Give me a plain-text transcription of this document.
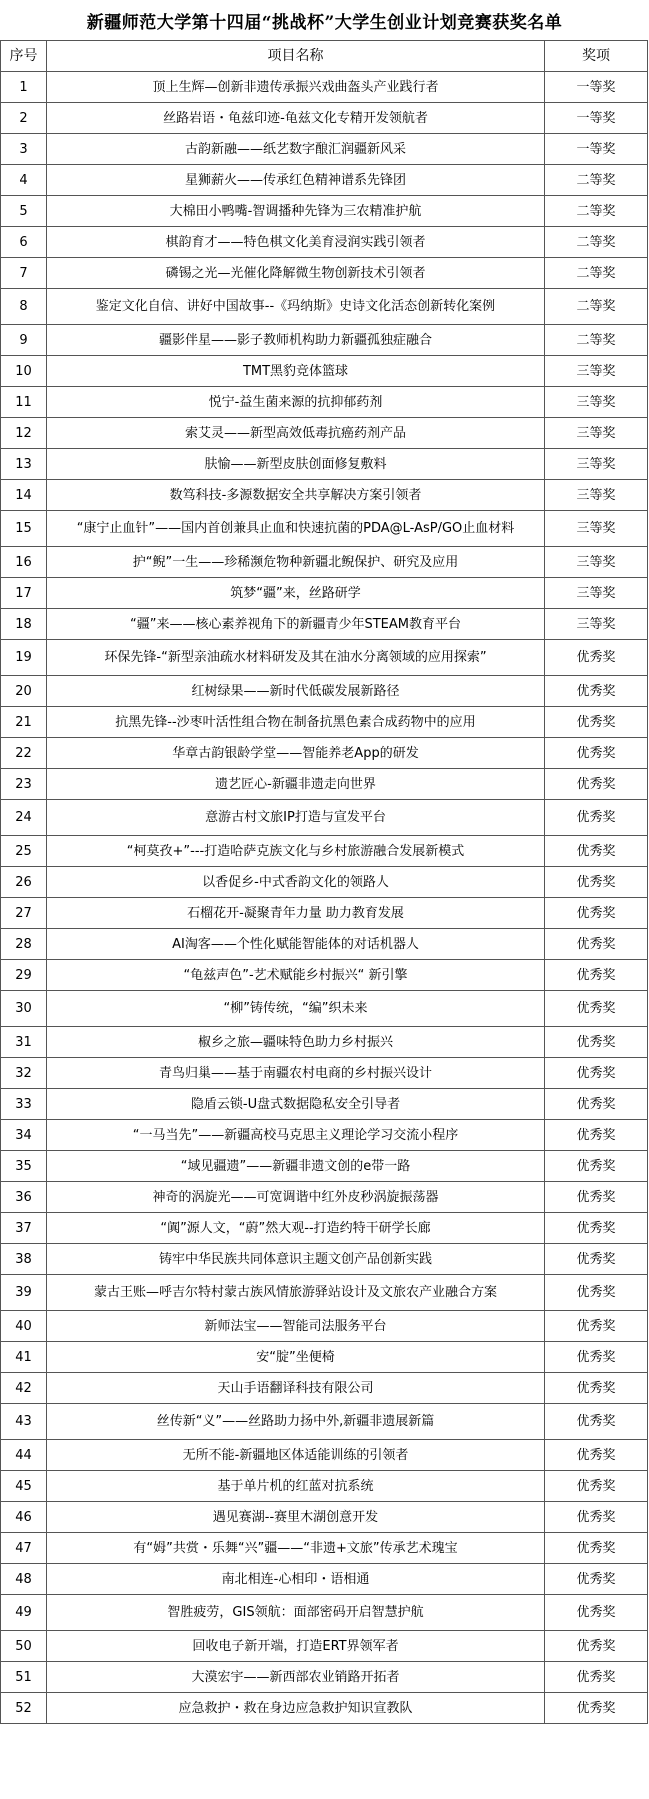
新疆师范大学第十四届“挑战杯”大学生创业计划竞赛获奖名单
序号	项目名称	奖项
1	顶上生辉—创新非遗传承振兴戏曲盔头产业践行者	一等奖
2	丝路岩语・龟兹印迹-龟兹文化专精开发领航者	一等奖
3	古韵新融——纸艺数字酿汇润疆新风采	一等奖
4	星狮薪火——传承红色精神谱系先锋团	二等奖
5	大棉田小鸭嘴-智调播种先锋为三农精准护航	二等奖
6	棋韵育才——特色棋文化美育浸润实践引领者	二等奖
7	磷锡之光—光催化降解微生物创新技术引领者	二等奖
8	鉴定文化自信、讲好中国故事--《玛纳斯》史诗文化活态创新转化案例	二等奖
9	疆影伴星——影子教师机构助力新疆孤独症融合	二等奖
10	TMT黑豹竞体篮球	三等奖
11	悦宁-益生菌来源的抗抑郁药剂	三等奖
12	索艾灵——新型高效低毒抗癌药剂产品	三等奖
13	肤愉——新型皮肤创面修复敷料	三等奖
14	数笃科技-多源数据安全共享解决方案引领者	三等奖
15	“康宁止血针”——国内首创兼具止血和快速抗菌的PDA@L-AsP/GO止血材料	三等奖
16	护“鲵”一生——珍稀濒危物种新疆北鲵保护、研究及应用	三等奖
17	筑梦“疆”来，丝路研学	三等奖
18	“疆”来——核心素养视角下的新疆青少年STEAM教育平台	三等奖
19	环保先锋-“新型亲油疏水材料研发及其在油水分离领域的应用探索”	优秀奖
20	红树绿果——新时代低碳发展新路径	优秀奖
21	抗黑先锋--沙枣叶活性组合物在制备抗黑色素合成药物中的应用	优秀奖
22	华章古韵银龄学堂——智能养老App的研发	优秀奖
23	遗艺匠心-新疆非遗走向世界	优秀奖
24	意游古村文旅IP打造与宣发平台	优秀奖
25	“柯莫孜+”---打造哈萨克族文化与乡村旅游融合发展新模式	优秀奖
26	以香促乡-中式香韵文化的领路人	优秀奖
27	石榴花开-凝聚青年力量 助力教育发展	优秀奖
28	AI淘客——个性化赋能智能体的对话机器人	优秀奖
29	“龟兹声色”-艺术赋能乡村振兴“ 新引擎	优秀奖
30	“柳”铸传统，“编”织未来	优秀奖
31	椒乡之旅—疆味特色助力乡村振兴	优秀奖
32	青鸟归巢——基于南疆农村电商的乡村振兴设计	优秀奖
33	隐盾云锁-U盘式数据隐私安全引导者	优秀奖
34	“一马当先”——新疆高校马克思主义理论学习交流小程序	优秀奖
35	“域见疆遗”——新疆非遗文创的e带一路	优秀奖
36	神奇的涡旋光——可宽调谐中红外皮秒涡旋振荡器	优秀奖
37	“阗”源人文，“蔚”然大观--打造约特干研学长廊	优秀奖
38	铸牢中华民族共同体意识主题文创产品创新实践	优秀奖
39	蒙古王账—呼吉尔特村蒙古族风情旅游驿站设计及文旅农产业融合方案	优秀奖
40	新师法宝——智能司法服务平台	优秀奖
41	安“腚”坐便椅	优秀奖
42	天山手语翻译科技有限公司	优秀奖
43	丝传新“义”——丝路助力扬中外,新疆非遗展新篇	优秀奖
44	无所不能-新疆地区体适能训练的引领者	优秀奖
45	基于单片机的红蓝对抗系统	优秀奖
46	遇见赛湖--赛里木湖创意开发	优秀奖
47	有“姆”共赏・乐舞“兴”疆——“非遗+文旅”传承艺术瑰宝	优秀奖
48	南北相连-心相印・语相通	优秀奖
49	智胜疲劳，GIS领航：面部密码开启智慧护航	优秀奖
50	回收电子新开端，打造ERT界领军者	优秀奖
51	大漠宏宇——新西部农业销路开拓者	优秀奖
52	应急救护・救在身边应急救护知识宣教队	优秀奖
